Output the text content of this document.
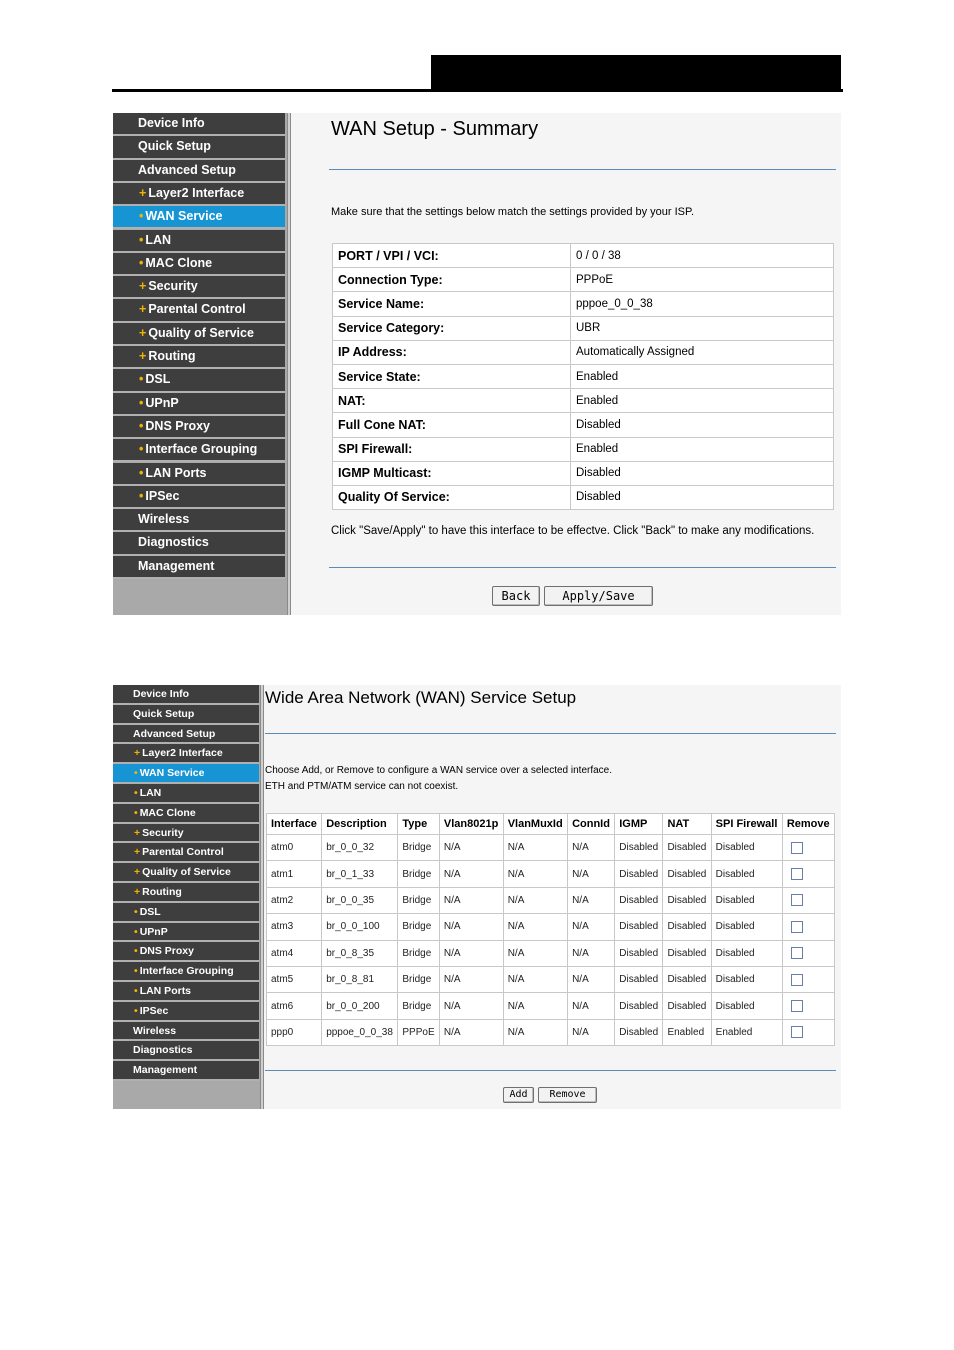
Device Info
Quick Setup
Advanced Setup
+ Layer2 Interface
• WAN Service
• LAN
• MAC Clone
+ Security
+ Parental Control
+ Quality of Service
+ Routing
• DSL
• UPnP
• DNS Proxy
• Interface Grouping
• LAN Ports
• IPSec
Wireless
Diagnostics
Management
WAN Setup - Summary
Make sure that the settings below match the settings provided by your ISP.
PORT / VPI / VCI:	0 / 0 / 38
Connection Type:	PPPoE
Service Name:	pppoe_0_0_38
Service Category:	UBR
IP Address:	Automatically Assigned
Service State:	Enabled
NAT:	Enabled
Full Cone NAT:	Disabled
SPI Firewall:	Enabled
IGMP Multicast:	Disabled
Quality Of Service:	Disabled
Click "Save/Apply" to have this interface to be effectve. Click "Back" to make any modifications.
Back	Apply/Save
Device Info
Quick Setup
Advanced Setup
+ Layer2 Interface
• WAN Service
• LAN
• MAC Clone
+ Security
+ Parental Control
+ Quality of Service
+ Routing
• DSL
• UPnP
• DNS Proxy
• Interface Grouping
• LAN Ports
• IPSec
Wireless
Diagnostics
Management
Wide Area Network (WAN) Service Setup
Choose Add, or Remove to configure a WAN service over a selected interface.
ETH and PTM/ATM service can not coexist.
Interface	Description	Type	Vlan8021p	VlanMuxId	ConnId	IGMP	NAT	SPI Firewall	Remove
atm0	br_0_0_32	Bridge	N/A	N/A	N/A	Disabled	Disabled	Disabled	
atm1	br_0_1_33	Bridge	N/A	N/A	N/A	Disabled	Disabled	Disabled	
atm2	br_0_0_35	Bridge	N/A	N/A	N/A	Disabled	Disabled	Disabled	
atm3	br_0_0_100	Bridge	N/A	N/A	N/A	Disabled	Disabled	Disabled	
atm4	br_0_8_35	Bridge	N/A	N/A	N/A	Disabled	Disabled	Disabled	
atm5	br_0_8_81	Bridge	N/A	N/A	N/A	Disabled	Disabled	Disabled	
atm6	br_0_0_200	Bridge	N/A	N/A	N/A	Disabled	Disabled	Disabled	
ppp0	pppoe_0_0_38	PPPoE	N/A	N/A	N/A	Disabled	Enabled	Enabled	
Add	Remove
